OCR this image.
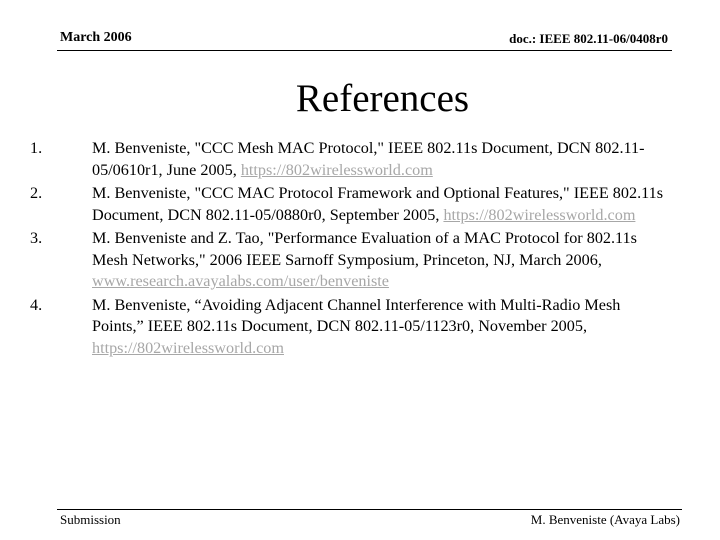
March 2006	doc.: IEEE 802.11-06/0408r0
References
1.	M. Benveniste, "CCC Mesh MAC Protocol," IEEE 802.11s Document, DCN 802.11-05/0610r1, June 2005, https://802wirelessworld.com
2.	M. Benveniste, "CCC MAC Protocol Framework and Optional Features," IEEE 802.11s Document, DCN 802.11-05/0880r0, September 2005, https://802wirelessworld.com
3.	M. Benveniste and Z. Tao, "Performance Evaluation of a MAC Protocol for 802.11s Mesh Networks," 2006 IEEE Sarnoff Symposium, Princeton, NJ, March 2006, www.research.avayalabs.com/user/benveniste
4.	M. Benveniste, “Avoiding Adjacent Channel Interference with Multi-Radio Mesh Points,” IEEE 802.11s Document, DCN 802.11-05/1123r0, November 2005, https://802wirelessworld.com
Submission	M. Benveniste (Avaya Labs)
